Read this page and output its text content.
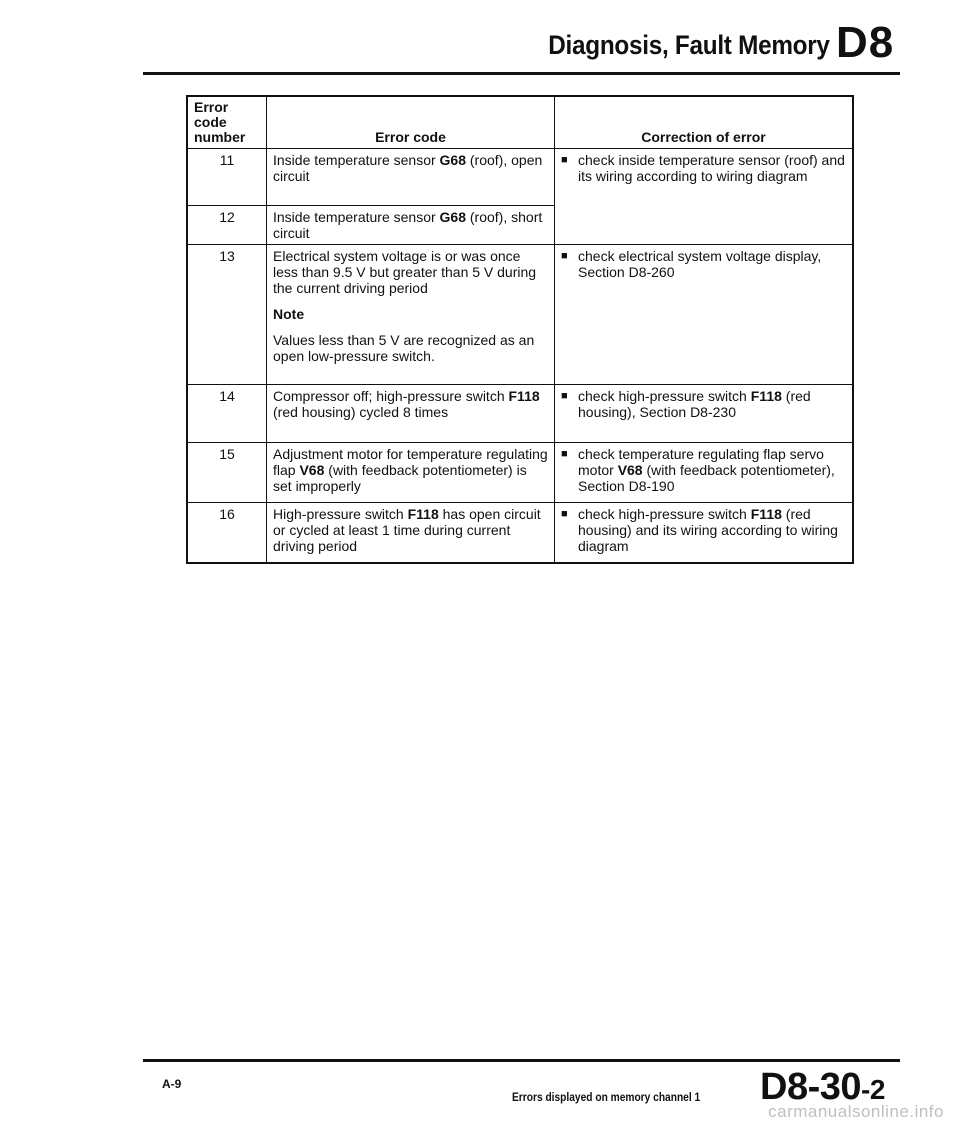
Diagnosis, Fault Memory D8
Error code number	Error code	Correction of error
11	Inside temperature sensor G68 (roof), open circuit	■ check inside temperature sensor (roof) and its wiring according to wiring diagram

12	Inside temperature sensor G68 (roof), short circuit	
13	Electrical system voltage is or was once less than 9.5 V but greater than 5 V during the current driving period
Note
Values less than 5 V are recognized as an open low-pressure switch.	■ check electrical system voltage display, Section D8-260

14	Compressor off; high-pressure switch F118 (red housing) cycled 8 times	■ check high-pressure switch F118 (red housing), Section D8-230

15	Adjustment motor for temperature regulating flap V68 (with feedback potentiometer) is set improperly	■ check temperature regulating flap servo motor V68 (with feedback potentiometer), Section D8-190

16	High-pressure switch F118 has open circuit or cycled at least 1 time during current driving period	■ check high-pressure switch F118 (red housing) and its wiring according to wiring diagram
A-9
Errors displayed on memory channel 1 D8-30-2
carmanualsonline.info
